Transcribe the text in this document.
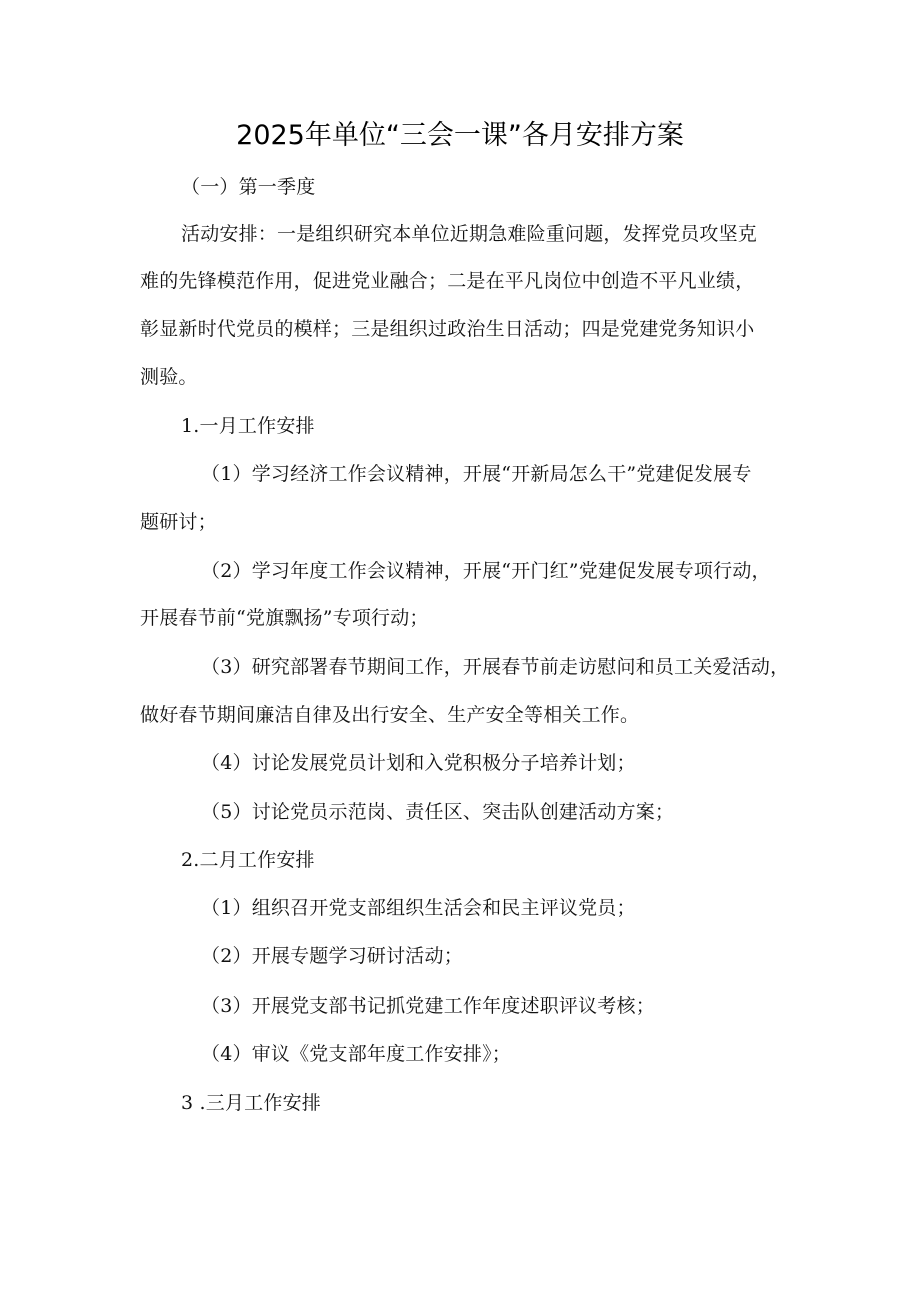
2025年单位“三会一课”各月安排方案
（一）第一季度
活动安排：一是组织研究本单位近期急难险重问题，发挥党员攻坚克
难的先锋模范作用，促进党业融合；二是在平凡岗位中创造不平凡业绩，
彰显新时代党员的模样；三是组织过政治生日活动；四是党建党务知识小
测验。
1.一月工作安排
（1）学习经济工作会议精神，开展“开新局怎么干”党建促发展专
题研讨；
（2）学习年度工作会议精神，开展“开门红”党建促发展专项行动，
开展春节前“党旗飘扬”专项行动；
（3）研究部署春节期间工作，开展春节前走访慰问和员工关爱活动，
做好春节期间廉洁自律及出行安全、生产安全等相关工作。
（4）讨论发展党员计划和入党积极分子培养计划；
（5）讨论党员示范岗、责任区、突击队创建活动方案；
2.二月工作安排
（1）组织召开党支部组织生活会和民主评议党员；
（2）开展专题学习研讨活动；
（3）开展党支部书记抓党建工作年度述职评议考核；
（4）审议《党支部年度工作安排》；
3 .三月工作安排
